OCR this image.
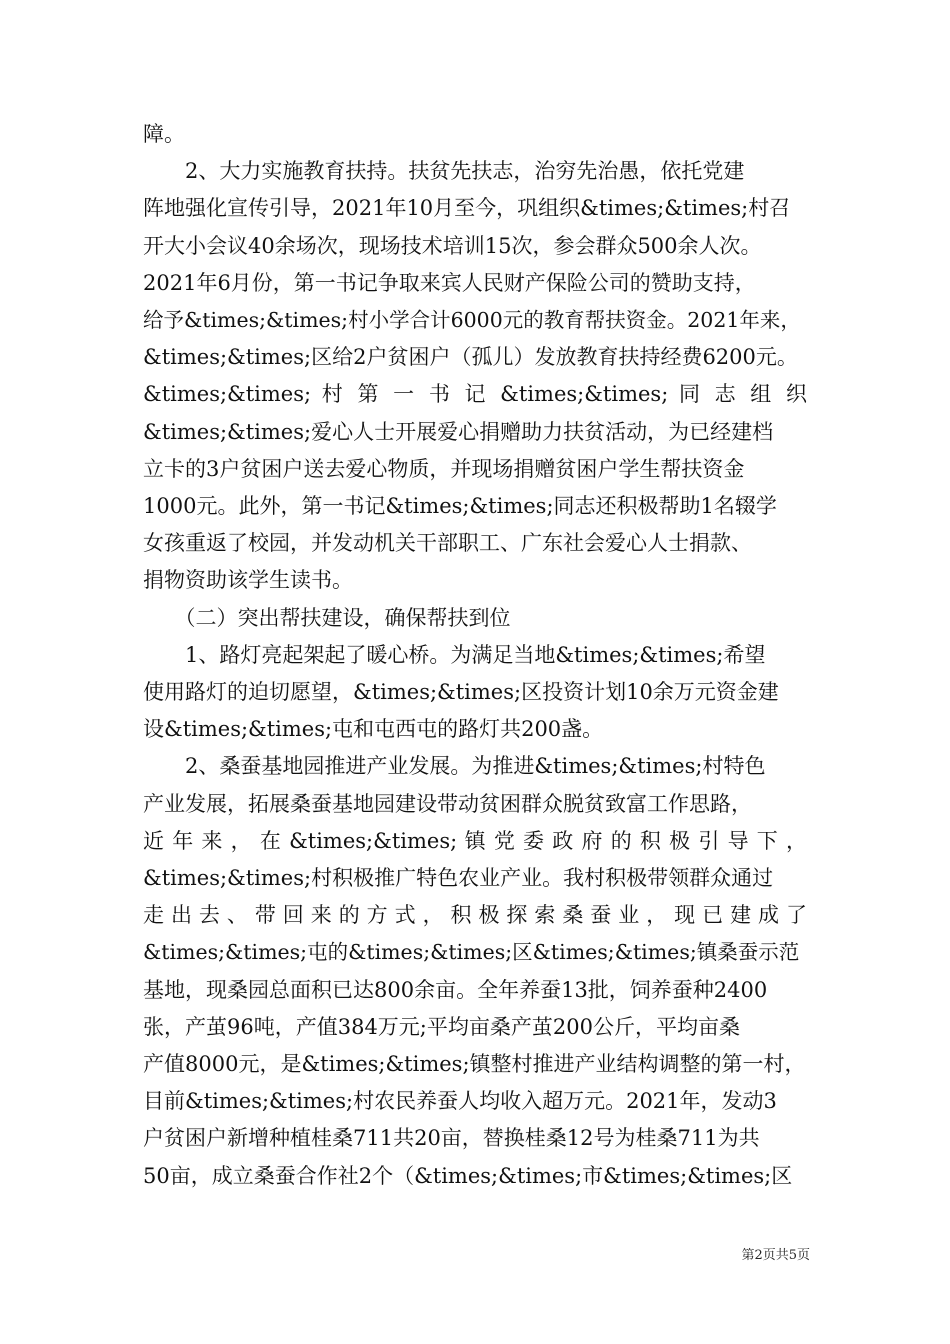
障。
　　2、大力实施教育扶持。扶贫先扶志，治穷先治愚，依托党建
阵地强化宣传引导，2021年10月至今，巩组织&times;&times;村召
开大小会议40余场次，现场技术培训15次，参会群众500余人次。
2021年6月份，第一书记争取来宾人民财产保险公司的赞助支持，
给予&times;&times;村小学合计6000元的教育帮扶资金。2021年来，
&times;&times;区给2户贫困户（孤儿）发放教育扶持经费6200元。
&times;&times; 村 第 一 书 记 &times;&times; 同 志 组 织
&times;&times;爱心人士开展爱心捐赠助力扶贫活动，为已经建档
立卡的3户贫困户送去爱心物质，并现场捐赠贫困户学生帮扶资金
1000元。此外，第一书记&times;&times;同志还积极帮助1名辍学
女孩重返了校园，并发动机关干部职工、广东社会爱心人士捐款、
捐物资助该学生读书。
　　（二）突出帮扶建设，确保帮扶到位
　　1、路灯亮起架起了暖心桥。为满足当地&times;&times;希望
使用路灯的迫切愿望，&times;&times;区投资计划10余万元资金建
设&times;&times;屯和屯西屯的路灯共200盏。
　　2、桑蚕基地园推进产业发展。为推进&times;&times;村特色
产业发展，拓展桑蚕基地园建设带动贫困群众脱贫致富工作思路，
近 年 来 ， 在 &times;&times; 镇 党 委 政 府 的 积 极 引 导 下 ，
&times;&times;村积极推广特色农业产业。我村积极带领群众通过
走 出 去 、 带 回 来 的 方 式 ， 积 极 探 索 桑 蚕 业 ， 现 已 建 成 了
&times;&times;屯的&times;&times;区&times;&times;镇桑蚕示范
基地，现桑园总面积已达800余亩。全年养蚕13批，饲养蚕种2400
张，产茧96吨，产值384万元;平均亩桑产茧200公斤，平均亩桑
产值8000元，是&times;&times;镇整村推进产业结构调整的第一村，
目前&times;&times;村农民养蚕人均收入超万元。2021年，发动3
户贫困户新增种植桂桑711共20亩，替换桂桑12号为桂桑711为共
50亩，成立桑蚕合作社2个（&times;&times;市&times;&times;区
第2页共5页
